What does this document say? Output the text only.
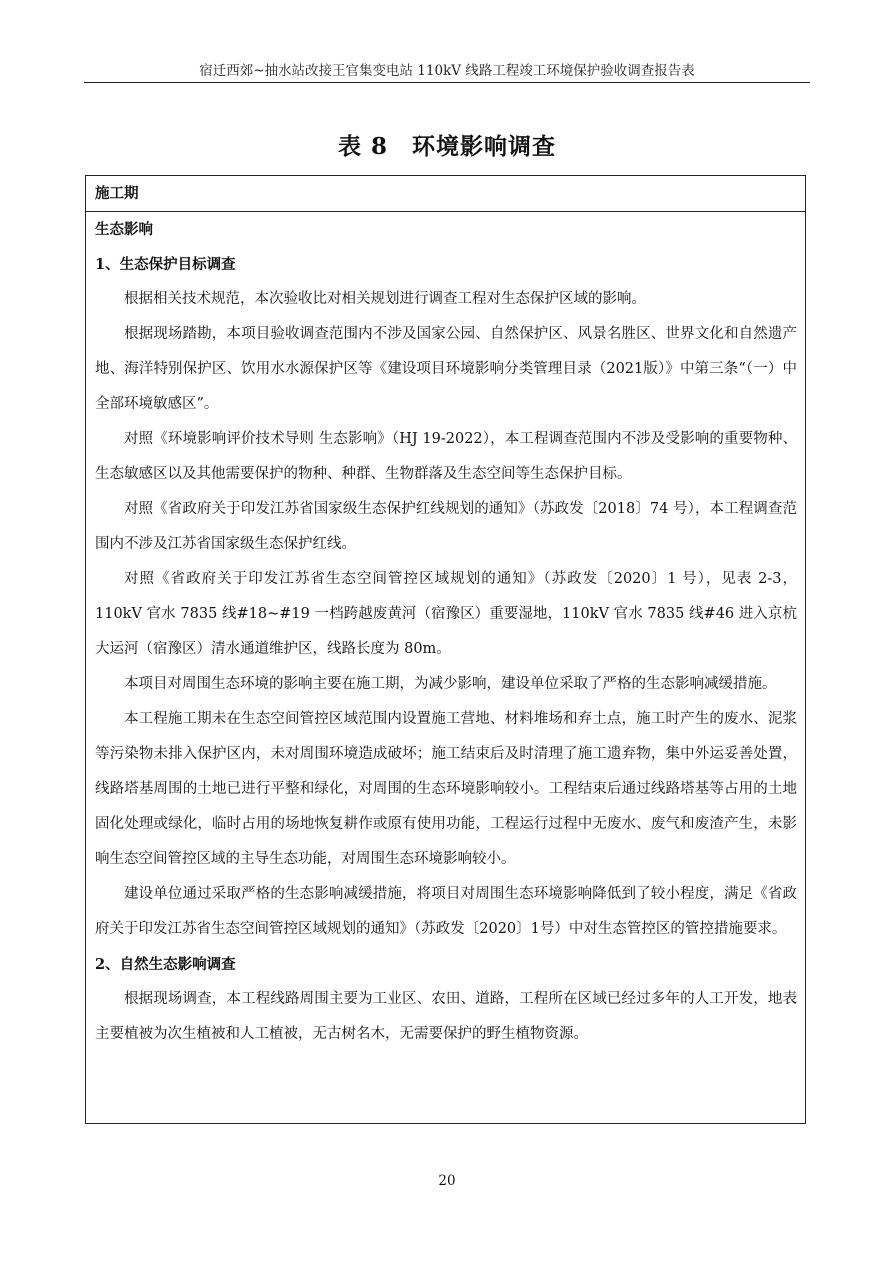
宿迁西郊~抽水站改接王官集变电站 110kV 线路工程竣工环境保护验收调查报告表
表 8　环境影响调查
施工期

生态影响

1、生态保护目标调查

根据相关技术规范，本次验收比对相关规划进行调查工程对生态保护区域的影响。

根据现场踏勘，本项目验收调查范围内不涉及国家公园、自然保护区、风景名胜区、世界文化和自然遗产地、海洋特别保护区、饮用水水源保护区等《建设项目环境影响分类管理目录（2021版）》中第三条“（一）中全部环境敏感区”。

对照《环境影响评价技术导则 生态影响》（HJ 19-2022），本工程调查范围内不涉及受影响的重要物种、生态敏感区以及其他需要保护的物种、种群、生物群落及生态空间等生态保护目标。

对照《省政府关于印发江苏省国家级生态保护红线规划的通知》（苏政发〔2018〕74 号），本工程调查范围内不涉及江苏省国家级生态保护红线。

对照《省政府关于印发江苏省生态空间管控区域规划的通知》（苏政发〔2020〕1 号），见表 2-3，110kV 官水 7835 线#18~#19 一档跨越废黄河（宿豫区）重要湿地，110kV 官水 7835 线#46 进入京杭大运河（宿豫区）清水通道维护区，线路长度为 80m。

本项目对周围生态环境的影响主要在施工期，为减少影响，建设单位采取了严格的生态影响减缓措施。

本工程施工期未在生态空间管控区域范围内设置施工营地、材料堆场和弃土点，施工时产生的废水、泥浆等污染物未排入保护区内，未对周围环境造成破坏；施工结束后及时清理了施工遗弃物，集中外运妥善处置，线路塔基周围的土地已进行平整和绿化，对周围的生态环境影响较小。工程结束后通过线路塔基等占用的土地固化处理或绿化，临时占用的场地恢复耕作或原有使用功能，工程运行过程中无废水、废气和废渣产生，未影响生态空间管控区域的主导生态功能，对周围生态环境影响较小。

建设单位通过采取严格的生态影响减缓措施，将项目对周围生态环境影响降低到了较小程度，满足《省政府关于印发江苏省生态空间管控区域规划的通知》（苏政发〔2020〕1号）中对生态管控区的管控措施要求。

2、自然生态影响调查

根据现场调查，本工程线路周围主要为工业区、农田、道路，工程所在区域已经过多年的人工开发，地表主要植被为次生植被和人工植被，无古树名木，无需要保护的野生植物资源。

20
